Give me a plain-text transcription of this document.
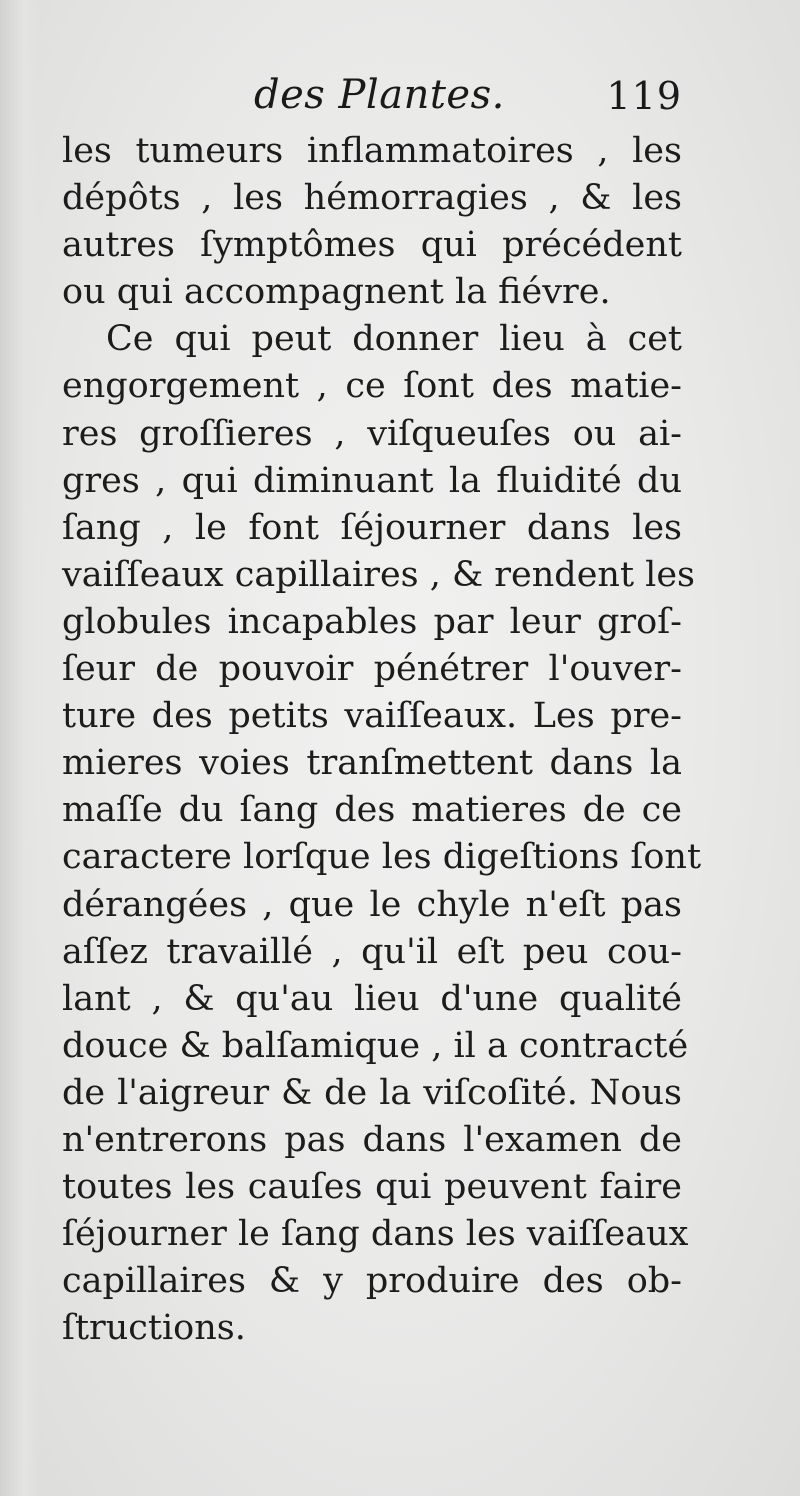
des Plantes.	119
les tumeurs inflammatoires , les
dépôts , les hémorragies , & les
autres ſymptômes qui précédent
ou qui accompagnent la fiévre.
Ce qui peut donner lieu à cet
engorgement , ce ſont des matie-
res groſſieres , viſqueuſes ou ai-
gres , qui diminuant la fluidité du
ſang , le font ſéjourner dans les
vaiſſeaux capillaires , & rendent les
globules incapables par leur groſ-
ſeur de pouvoir pénétrer l'ouver-
ture des petits vaiſſeaux. Les pre-
mieres voies tranſmettent dans la
maſſe du ſang des matieres de ce
caractere lorſque les digeſtions ſont
dérangées , que le chyle n'eſt pas
aſſez travaillé , qu'il eſt peu cou-
lant , & qu'au lieu d'une qualité
douce & balſamique , il a contracté
de l'aigreur & de la viſcoſité. Nous
n'entrerons pas dans l'examen de
toutes les cauſes qui peuvent faire
ſéjourner le ſang dans les vaiſſeaux
capillaires & y produire des ob-
ſtructions.
